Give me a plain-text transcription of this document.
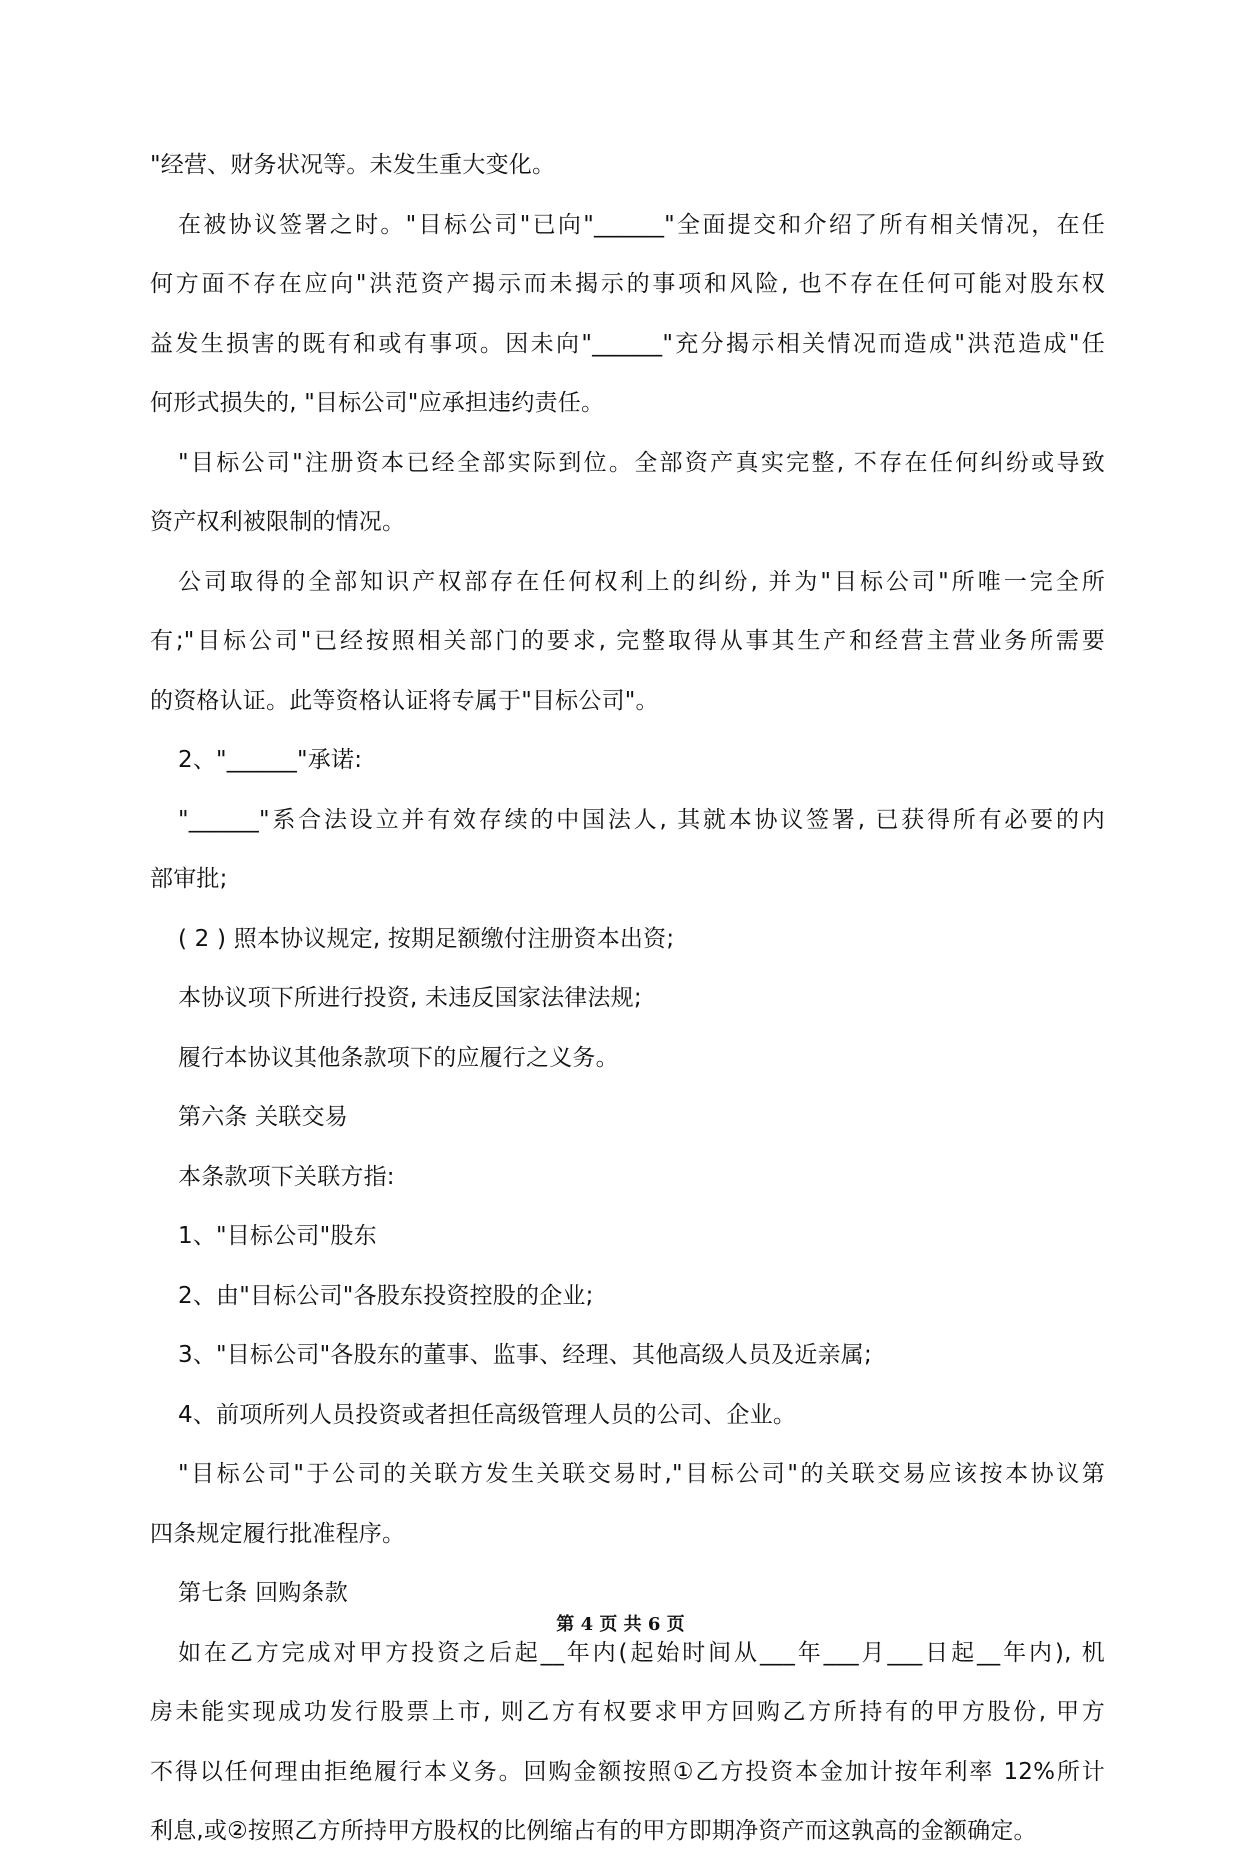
"经营、财务状况等。未发生重大变化。
在被协议签署之时。"目标公司"已向"______"全面提交和介绍了所有相关情况，在任
何方面不存在应向"洪范资产揭示而未揭示的事项和风险, 也不存在任何可能对股东权
益发生损害的既有和或有事项。因未向"______"充分揭示相关情况而造成"洪范造成"任
何形式损失的, "目标公司"应承担违约责任。
"目标公司"注册资本已经全部实际到位。全部资产真实完整, 不存在任何纠纷或导致
资产权利被限制的情况。
公司取得的全部知识产权部存在任何权利上的纠纷, 并为"目标公司"所唯一完全所
有;"目标公司"已经按照相关部门的要求, 完整取得从事其生产和经营主营业务所需要
的资格认证。此等资格认证将专属于"目标公司"。
2、"______"承诺:
"______"系合法设立并有效存续的中国法人, 其就本协议签署, 已获得所有必要的内
部审批;
( 2 ) 照本协议规定, 按期足额缴付注册资本出资;
本协议项下所进行投资, 未违反国家法律法规;
履行本协议其他条款项下的应履行之义务。
第六条 关联交易
本条款项下关联方指:
1、"目标公司"股东
2、由"目标公司"各股东投资控股的企业;
3、"目标公司"各股东的董事、监事、经理、其他高级人员及近亲属;
4、前项所列人员投资或者担任高级管理人员的公司、企业。
"目标公司"于公司的关联方发生关联交易时,"目标公司"的关联交易应该按本协议第
四条规定履行批准程序。
第七条 回购条款
如在乙方完成对甲方投资之后起__年内(起始时间从___年___月___日起__年内), 机
房未能实现成功发行股票上市, 则乙方有权要求甲方回购乙方所持有的甲方股份, 甲方
不得以任何理由拒绝履行本义务。回购金额按照①乙方投资本金加计按年利率 12%所计
利息,或②按照乙方所持甲方股权的比例缩占有的甲方即期净资产而这孰高的金额确定。
第 4 页 共 6 页
